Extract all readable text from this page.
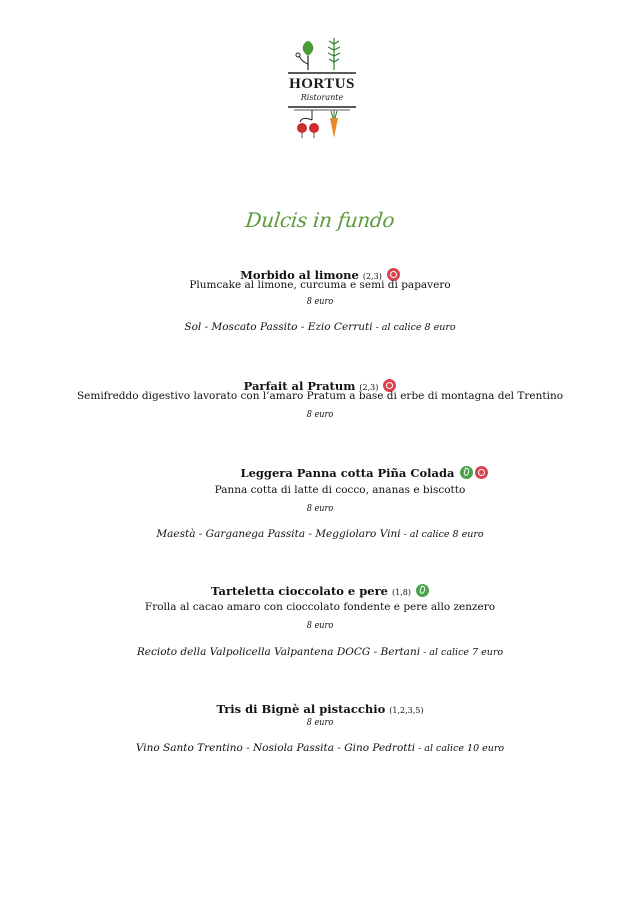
HORTUS
Ristorante
Dulcis in fundo
Morbido al limone (2,3)
Plumcake al limone, curcuma e semi di papavero
8 euro
Sol - Moscato Passito - Ezio Cerruti - al calice 8 euro
Parfait al Pratum (2,3)
Semifreddo digestivo lavorato con l’amaro Pratum a base di erbe di montagna del Trentino
8 euro
Leggera Panna cotta Piña Colada
Panna cotta di latte di cocco, ananas e biscotto
8 euro
Maestà - Garganega Passita - Meggiolaro Vini - al calice 8 euro
Tarteletta cioccolato e pere (1,8)
Frolla al cacao amaro con cioccolato fondente e pere allo zenzero
8 euro
Recioto della Valpolicella Valpantena DOCG - Bertani - al calice 7 euro
Tris di Bignè al pistacchio (1,2,3,5)
8 euro
Vino Santo Trentino - Nosiola Passita - Gino Pedrotti - al calice 10 euro
